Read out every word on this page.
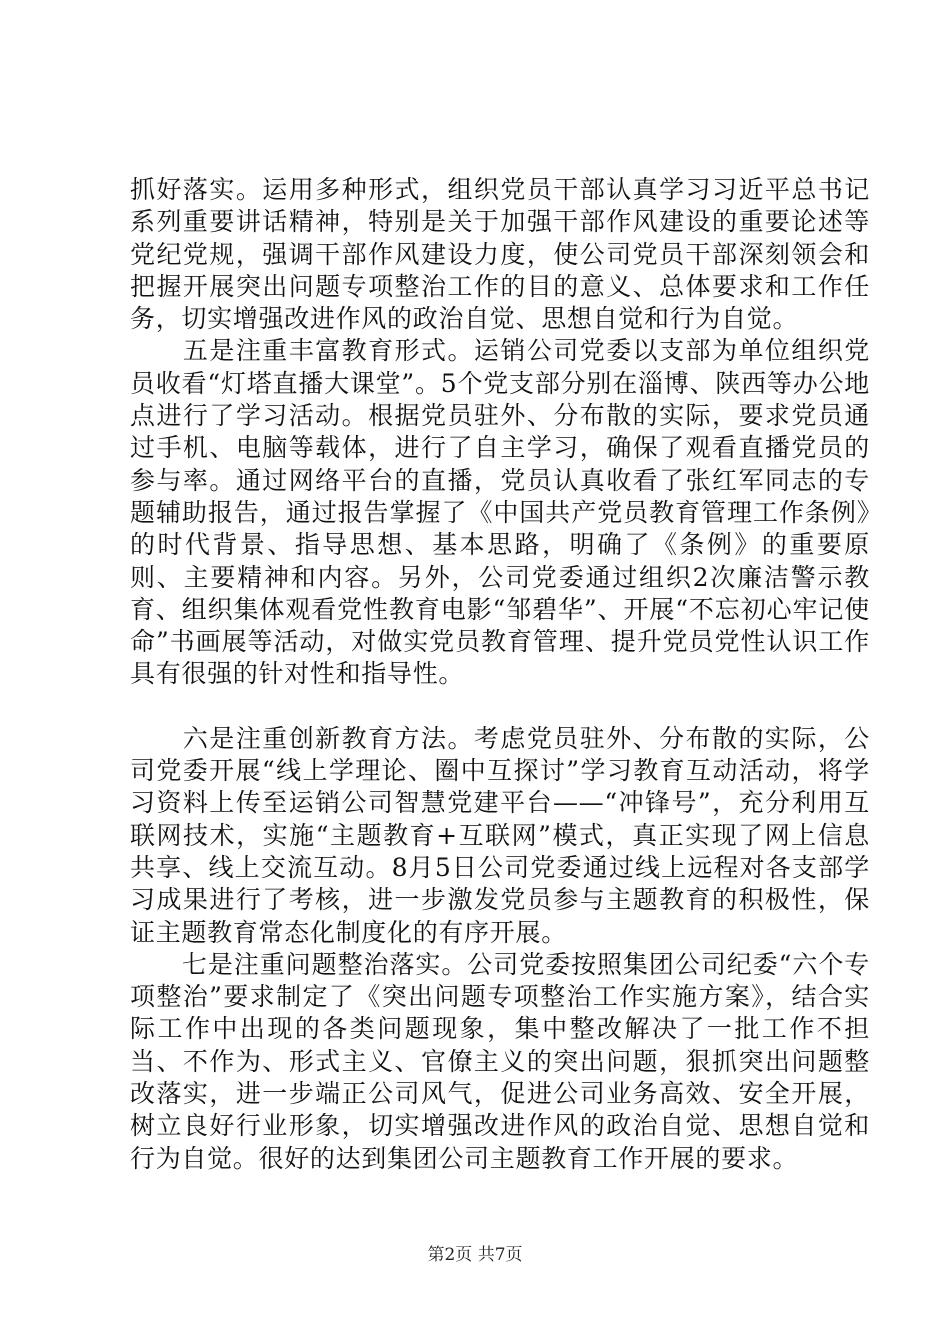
抓好落实。运用多种形式，组织党员干部认真学习习近平总书记系列重要讲话精神，特别是关于加强干部作风建设的重要论述等党纪党规，强调干部作风建设力度，使公司党员干部深刻领会和把握开展突出问题专项整治工作的目的意义、总体要求和工作任务，切实增强改进作风的政治自觉、思想自觉和行为自觉。

　　五是注重丰富教育形式。运销公司党委以支部为单位组织党员收看“灯塔直播大课堂”。5个党支部分别在淄博、陕西等办公地点进行了学习活动。根据党员驻外、分布散的实际，要求党员通过手机、电脑等载体，进行了自主学习，确保了观看直播党员的参与率。通过网络平台的直播，党员认真收看了张红军同志的专题辅助报告，通过报告掌握了《中国共产党员教育管理工作条例》的时代背景、指导思想、基本思路，明确了《条例》的重要原则、主要精神和内容。另外，公司党委通过组织2次廉洁警示教育、组织集体观看党性教育电影“邹碧华”、开展“不忘初心牢记使命”书画展等活动，对做实党员教育管理、提升党员党性认识工作具有很强的针对性和指导性。

　　六是注重创新教育方法。考虑党员驻外、分布散的实际，公司党委开展“线上学理论、圈中互探讨”学习教育互动活动，将学习资料上传至运销公司智慧党建平台——“冲锋号”，充分利用互联网技术，实施“主题教育+互联网”模式，真正实现了网上信息共享、线上交流互动。8月5日公司党委通过线上远程对各支部学习成果进行了考核，进一步激发党员参与主题教育的积极性，保证主题教育常态化制度化的有序开展。

　　七是注重问题整治落实。公司党委按照集团公司纪委“六个专项整治”要求制定了《突出问题专项整治工作实施方案》，结合实际工作中出现的各类问题现象，集中整改解决了一批工作不担当、不作为、形式主义、官僚主义的突出问题，狠抓突出问题整改落实，进一步端正公司风气，促进公司业务高效、安全开展，树立良好行业形象，切实增强改进作风的政治自觉、思想自觉和行为自觉。很好的达到集团公司主题教育工作开展的要求。

第2页 共7页
